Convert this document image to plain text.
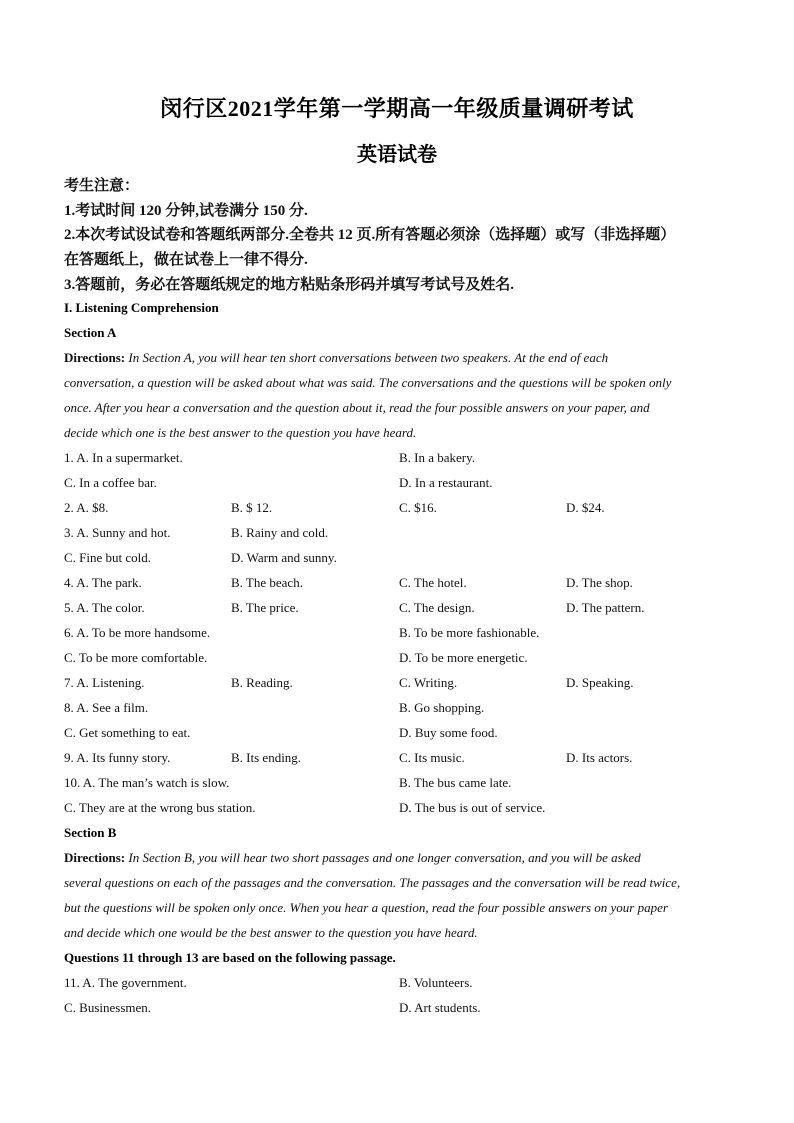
闵行区2021学年第一学期高一年级质量调研考试
英语试卷
考生注意：
1.考试时间 120 分钟,试卷满分 150 分.
2.本次考试设试卷和答题纸两部分.全卷共 12 页.所有答题必须涂（选择题）或写（非选择题）
在答题纸上，做在试卷上一律不得分.
3.答题前，务必在答题纸规定的地方粘贴条形码并填写考试号及姓名.
I. Listening Comprehension
Section A
Directions: In Section A, you will hear ten short conversations between two speakers. At the end of each
conversation, a question will be asked about what was said. The conversations and the questions will be spoken only
once. After you hear a conversation and the question about it, read the four possible answers on your paper, and
decide which one is the best answer to the question you have heard.
1. A. In a supermarket.	B. In a bakery.
C. In a coffee bar.	D. In a restaurant.
2. A. $8.	B. $ 12.	C. $16.	D. $24.
3. A. Sunny and hot.	B. Rainy and cold.
C. Fine but cold.	D. Warm and sunny.
4. A. The park.	B. The beach.	C. The hotel.	D. The shop.
5. A. The color.	B. The price.	C. The design.	D. The pattern.
6. A. To be more handsome.	B. To be more fashionable.
C. To be more comfortable.	D. To be more energetic.
7. A. Listening.	B. Reading.	C. Writing.	D. Speaking.
8. A. See a film.	B. Go shopping.
C. Get something to eat.	D. Buy some food.
9. A. Its funny story.	B. Its ending.	C. Its music.	D. Its actors.
10. A. The man’s watch is slow.	B. The bus came late.
C. They are at the wrong bus station.	D. The bus is out of service.
Section B
Directions: In Section B, you will hear two short passages and one longer conversation, and you will be asked
several questions on each of the passages and the conversation. The passages and the conversation will be read twice,
but the questions will be spoken only once. When you hear a question, read the four possible answers on your paper
and decide which one would be the best answer to the question you have heard.
Questions 11 through 13 are based on the following passage.
11. A. The government.	B. Volunteers.
C. Businessmen.	D. Art students.
